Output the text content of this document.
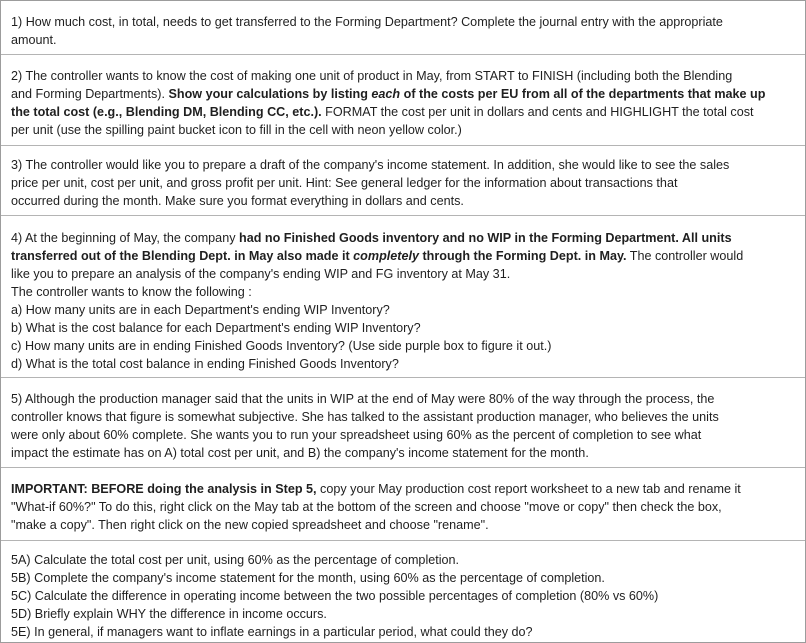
1) How much cost, in total, needs to get transferred to the Forming Department? Complete the journal entry with the appropriate

amount.

2) The controller wants to know the cost of making one unit of product in May, from START to FINISH (including both the Blending

and Forming Departments). Show your calculations by listing each of the costs per EU from all of the departments that make up

the total cost (e.g., Blending DM, Blending CC, etc.). FORMAT the cost per unit in dollars and cents and HIGHLIGHT the total cost

per unit (use the spilling paint bucket icon to fill in the cell with neon yellow color.)

3) The controller would like you to prepare a draft of the company's income statement. In addition, she would like to see the sales

price per unit, cost per unit, and gross profit per unit. Hint: See general ledger for the information about transactions that

occurred during the month. Make sure you format everything in dollars and cents.

4) At the beginning of May, the company had no Finished Goods inventory and no WIP in the Forming Department. All units

transferred out of the Blending Dept. in May also made it completely through the Forming Dept. in May. The controller would

like you to prepare an analysis of the company's ending WIP and FG inventory at May 31.

The controller wants to know the following :

a) How many units are in each Department's ending WIP Inventory?

b) What is the cost balance for each Department's ending WIP Inventory?

c) How many units are in ending Finished Goods Inventory? (Use side purple box to figure it out.)

d) What is the total cost balance in ending Finished Goods Inventory?

5) Although the production manager said that the units in WIP at the end of May were 80% of the way through the process, the

controller knows that figure is somewhat subjective. She has talked to the assistant production manager, who believes the units

were only about 60% complete. She wants you to run your spreadsheet using 60% as the percent of completion to see what

impact the estimate has on A) total cost per unit, and B) the company's income statement for the month.

IMPORTANT: BEFORE doing the analysis in Step 5, copy your May production cost report worksheet to a new tab and rename it

"What-if 60%?" To do this, right click on the May tab at the bottom of the screen and choose "move or copy" then check the box,

"make a copy". Then right click on the new copied spreadsheet and choose "rename".

5A) Calculate the total cost per unit, using 60% as the percentage of completion.

5B) Complete the company's income statement for the month, using 60% as the percentage of completion.

5C) Calculate the difference in operating income between the two possible percentages of completion (80% vs 60%)

5D) Briefly explain WHY the difference in income occurs.

5E) In general, if managers want to inflate earnings in a particular period, what could they do?
